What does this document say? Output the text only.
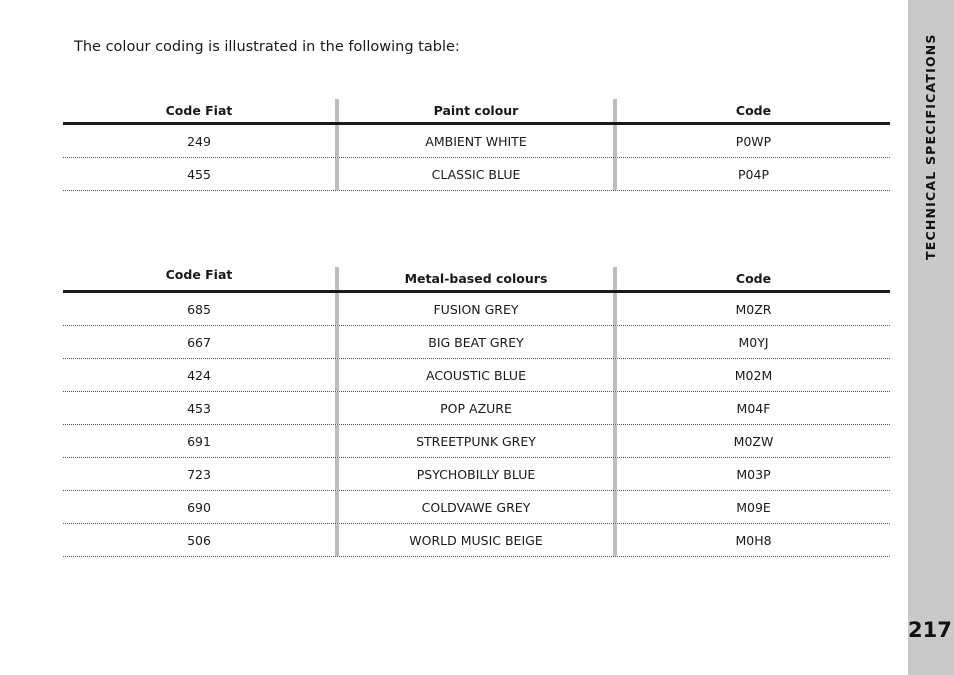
The colour coding is illustrated in the following table:

Code Fiat	Paint colour	Code
249	AMBIENT WHITE	P0WP
455	CLASSIC BLUE	P04P
Code Fiat	Metal-based colours	Code
685	FUSION GREY	M0ZR
667	BIG BEAT GREY	M0YJ
424	ACOUSTIC BLUE	M02M
453	POP AZURE	M04F
691	STREETPUNK GREY	M0ZW
723	PSYCHOBILLY BLUE	M03P
690	COLDVAWE GREY	M09E
506	WORLD MUSIC BEIGE	M0H8
TECHNICAL SPECIFICATIONS
217
